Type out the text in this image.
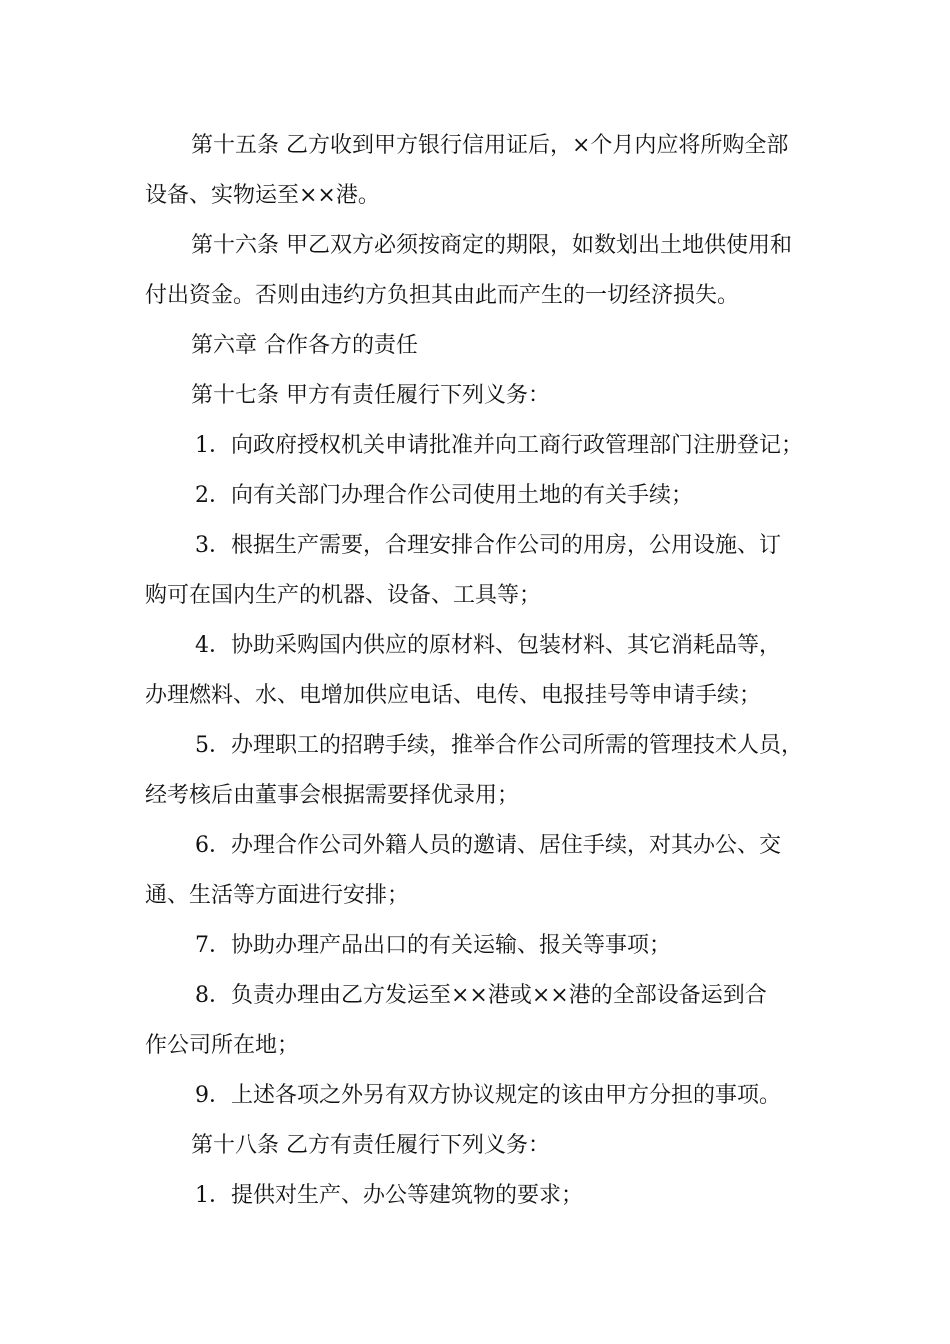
第十五条 乙方收到甲方银行信用证后，×个月内应将所购全部
设备、实物运至××港。
第十六条 甲乙双方必须按商定的期限，如数划出土地供使用和
付出资金。否则由违约方负担其由此而产生的一切经济损失。
第六章 合作各方的责任
第十七条 甲方有责任履行下列义务：
1．向政府授权机关申请批准并向工商行政管理部门注册登记；
2．向有关部门办理合作公司使用土地的有关手续；
3．根据生产需要，合理安排合作公司的用房，公用设施、订
购可在国内生产的机器、设备、工具等；
4．协助采购国内供应的原材料、包装材料、其它消耗品等，
办理燃料、水、电增加供应电话、电传、电报挂号等申请手续；
5．办理职工的招聘手续，推举合作公司所需的管理技术人员，
经考核后由董事会根据需要择优录用；
6．办理合作公司外籍人员的邀请、居住手续，对其办公、交
通、生活等方面进行安排；
7．协助办理产品出口的有关运输、报关等事项；
8．负责办理由乙方发运至××港或××港的全部设备运到合
作公司所在地；
9．上述各项之外另有双方协议规定的该由甲方分担的事项。
第十八条 乙方有责任履行下列义务：
1．提供对生产、办公等建筑物的要求；
